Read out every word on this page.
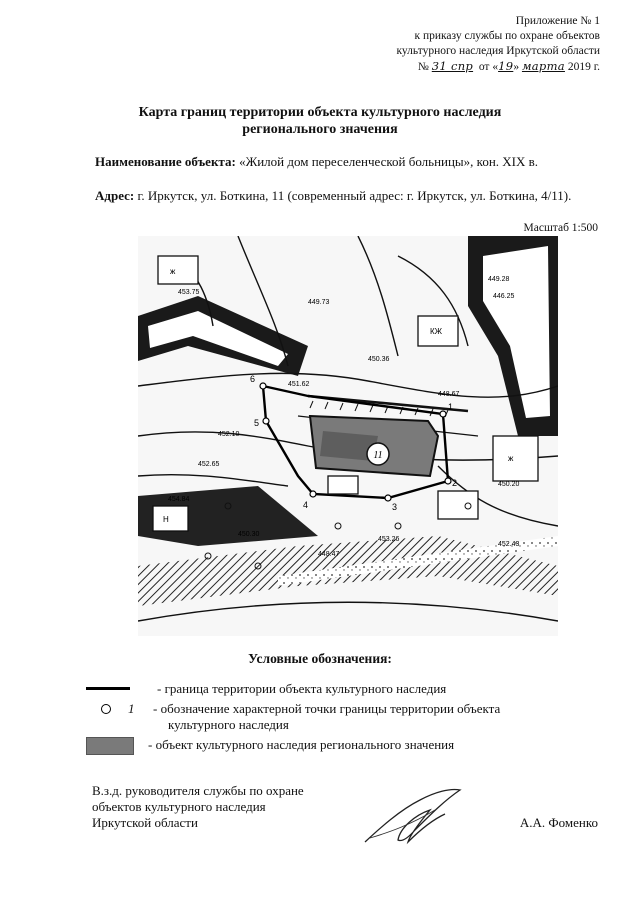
Приложение № 1
к приказу службы по охране объектов
культурного наследия Иркутской области
№ 31 спр от «19» марта 2019 г.
Карта границ территории объекта культурного наследия
регионального значения
Наименование объекта: «Жилой дом переселенческой больницы», кон. XIX в.
Адрес: г. Иркутск, ул. Боткина, 11 (современный адрес: г. Иркутск, ул. Боткина, 4/11).
Масштаб 1:500
11
6
1
2
3
4
5
ж
КЖ
Н
ж
453.75
449.73
450.36
451.62
449.28
452.10
454.84
448.67
446.25
453.26
450.30
450.20
452.65
448.47
452.43
Условные обозначения:
- граница территории объекта культурного наследия
1 - обозначение характерной точки границы территории объекта
культурного наследия
- объект культурного наследия регионального значения
В.з.д. руководителя службы по охране
объектов культурного наследия
Иркутской области	А.А. Фоменко
